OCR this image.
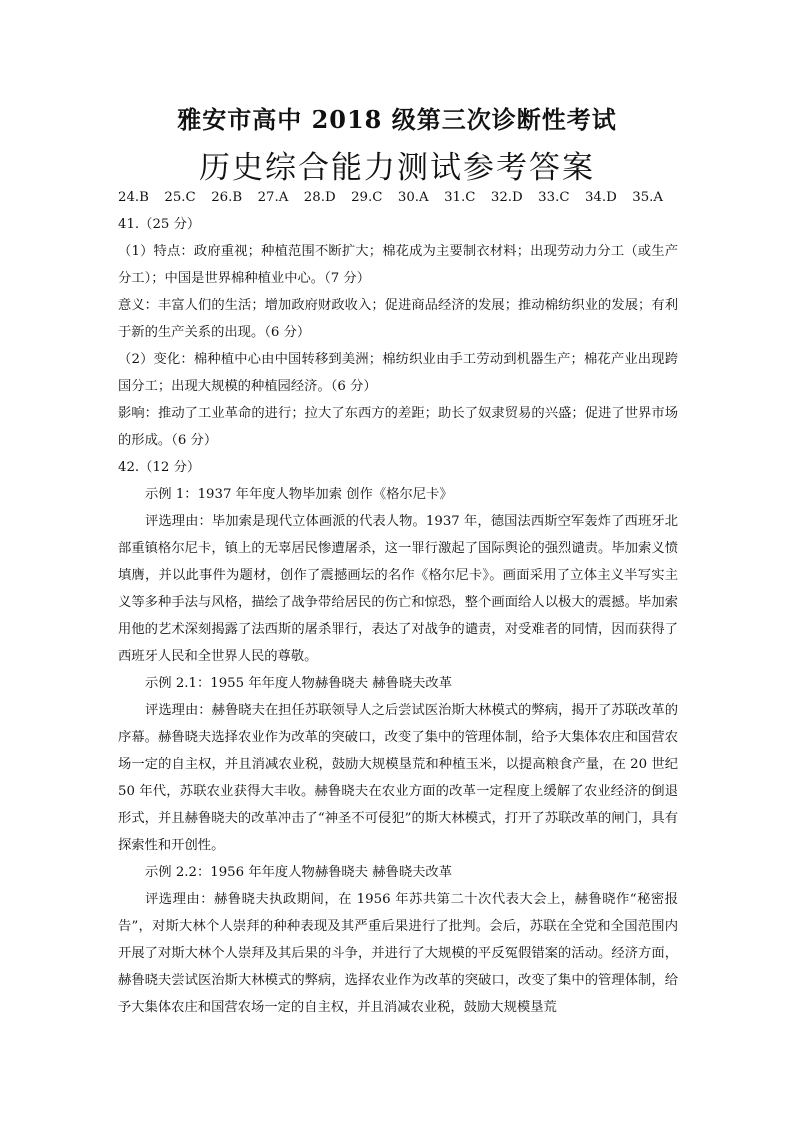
雅安市高中 2018 级第三次诊断性考试
历史综合能力测试参考答案
24.B 25.C 26.B 27.A 28.D 29.C 30.A 31.C 32.D 33.C 34.D 35.A

41.（25 分）

（1）特点：政府重视；种植范围不断扩大；棉花成为主要制衣材料；出现劳动力分工（或生产分工）；中国是世界棉种植业中心。（7 分）

意义：丰富人们的生活；增加政府财政收入；促进商品经济的发展；推动棉纺织业的发展；有利于新的生产关系的出现。（6 分）

（2）变化：棉种植中心由中国转移到美洲；棉纺织业由手工劳动到机器生产；棉花产业出现跨国分工；出现大规模的种植园经济。（6 分）

影响：推动了工业革命的进行；拉大了东西方的差距；助长了奴隶贸易的兴盛；促进了世界市场的形成。（6 分）

42.（12 分）

示例 1：1937 年年度人物毕加索 创作《格尔尼卡》

评选理由：毕加索是现代立体画派的代表人物。1937 年，德国法西斯空军轰炸了西班牙北部重镇格尔尼卡，镇上的无辜居民惨遭屠杀，这一罪行激起了国际舆论的强烈谴责。毕加索义愤填膺，并以此事件为题材，创作了震撼画坛的名作《格尔尼卡》。画面采用了立体主义半写实主义等多种手法与风格，描绘了战争带给居民的伤亡和惊恐，整个画面给人以极大的震撼。毕加索用他的艺术深刻揭露了法西斯的屠杀罪行，表达了对战争的谴责，对受难者的同情，因而获得了西班牙人民和全世界人民的尊敬。

示例 2.1：1955 年年度人物赫鲁晓夫 赫鲁晓夫改革

评选理由：赫鲁晓夫在担任苏联领导人之后尝试医治斯大林模式的弊病，揭开了苏联改革的序幕。赫鲁晓夫选择农业作为改革的突破口，改变了集中的管理体制，给予大集体农庄和国营农场一定的自主权，并且消减农业税，鼓励大规模垦荒和种植玉米，以提高粮食产量，在 20 世纪 50 年代，苏联农业获得大丰收。赫鲁晓夫在农业方面的改革一定程度上缓解了农业经济的倒退形式，并且赫鲁晓夫的改革冲击了“神圣不可侵犯”的斯大林模式，打开了苏联改革的闸门，具有探索性和开创性。

示例 2.2：1956 年年度人物赫鲁晓夫 赫鲁晓夫改革

评选理由：赫鲁晓夫执政期间，在 1956 年苏共第二十次代表大会上，赫鲁晓作“秘密报告”，对斯大林个人崇拜的种种表现及其严重后果进行了批判。会后，苏联在全党和全国范围内开展了对斯大林个人崇拜及其后果的斗争，并进行了大规模的平反冤假错案的活动。经济方面，赫鲁晓夫尝试医治斯大林模式的弊病，选择农业作为改革的突破口，改变了集中的管理体制，给予大集体农庄和国营农场一定的自主权，并且消减农业税，鼓励大规模垦荒
